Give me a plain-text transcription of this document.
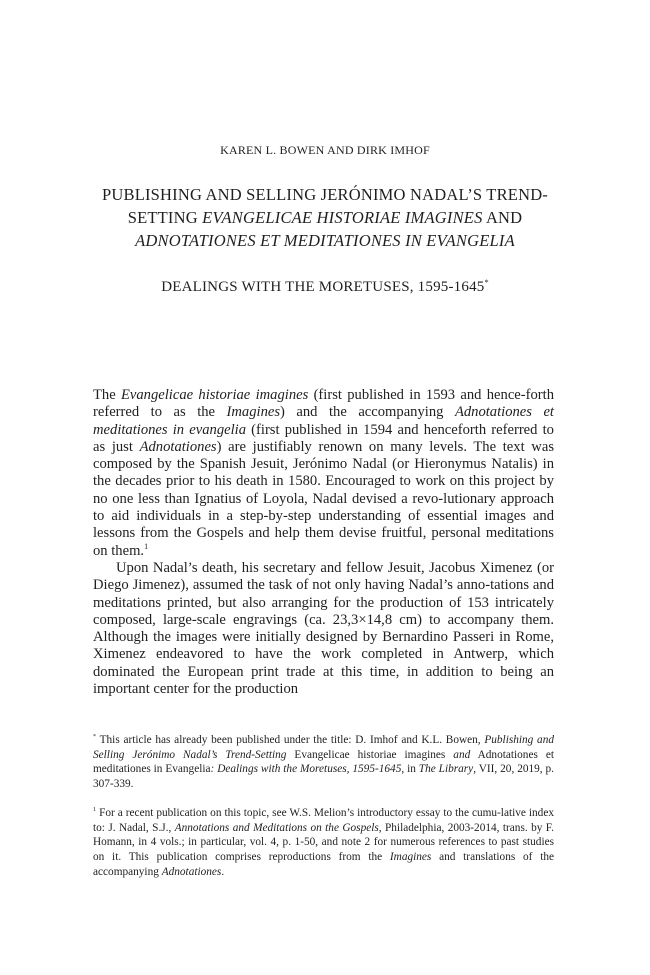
KAREN L. BOWEN AND DIRK IMHOF
PUBLISHING AND SELLING JERÓNIMO NADAL’S TREND-
SETTING EVANGELICAE HISTORIAE IMAGINES AND
ADNOTATIONES ET MEDITATIONES IN EVANGELIA
DEALINGS WITH THE MORETUSES, 1595-1645*

The Evangelicae historiae imagines (first published in 1593 and hence-forth referred to as the Imagines) and the accompanying Adnotationes et meditationes in evangelia (first published in 1594 and henceforth referred to as just Adnotationes) are justifiably renown on many levels. The text was composed by the Spanish Jesuit, Jerónimo Nadal (or Hieronymus Natalis) in the decades prior to his death in 1580. Encouraged to work on this project by no one less than Ignatius of Loyola, Nadal devised a revo-lutionary approach to aid individuals in a step-by-step understanding of essential images and lessons from the Gospels and help them devise fruitful, personal meditations on them.$^1$

Upon Nadal’s death, his secretary and fellow Jesuit, Jacobus Ximenez (or Diego Jimenez), assumed the task of not only having Nadal’s anno-tations and meditations printed, but also arranging for the production of 153 intricately composed, large-scale engravings (ca. 23,3×14,8 cm) to accompany them. Although the images were initially designed by Bernardino Passeri in Rome, Ximenez endeavored to have the work completed in Antwerp, which dominated the European print trade at this time, in addition to being an important center for the production

* This article has already been published under the title: D. Imhof and K.L. Bowen, Publishing and Selling Jerónimo Nadal’s Trend-Setting Evangelicae historiae imagines and Adnotationes et meditationes in Evangelia: Dealings with the Moretuses, 1595-1645, in The Library, VII, 20, 2019, p. 307-339.

$^1$ For a recent publication on this topic, see W.S. Melion’s introductory essay to the cumu-lative index to: J. Nadal, S.J., Annotations and Meditations on the Gospels, Philadelphia, 2003-2014, trans. by F. Homann, in 4 vols.; in particular, vol. 4, p. 1-50, and note 2 for numerous references to past studies on it. This publication comprises reproductions from the Imagines and translations of the accompanying Adnotationes.
